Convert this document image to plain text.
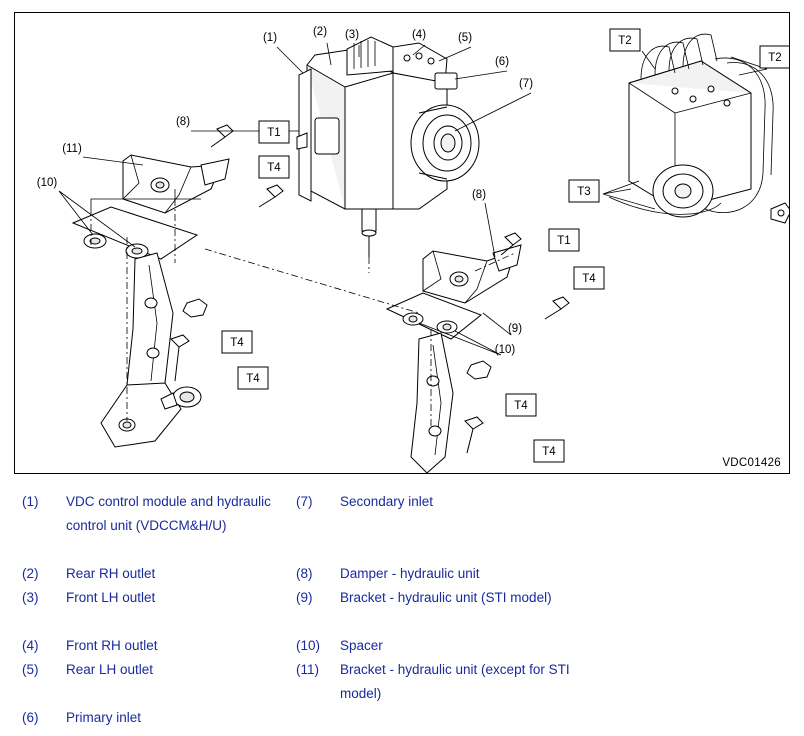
(1)	(2) (3)	(4)	(5)
(6)
(7)
(8)
(11)
(10)
(8)
(9)
(10)
T1
T4
T4
T4
T1
T4
T4
T4
T2
T2
T3
VDC01426
(1)	VDC control module and hydraulic control unit (VDCCM&H/U)
(2)	Rear RH outlet
(3)	Front LH outlet
(4)	Front RH outlet
(5)	Rear LH outlet
(6)	Primary inlet
(7)	Secondary inlet
(8)	Damper - hydraulic unit
(9)	Bracket - hydraulic unit (STI model)
(10)	Spacer
(11)	Bracket - hydraulic unit (except for STI model)
